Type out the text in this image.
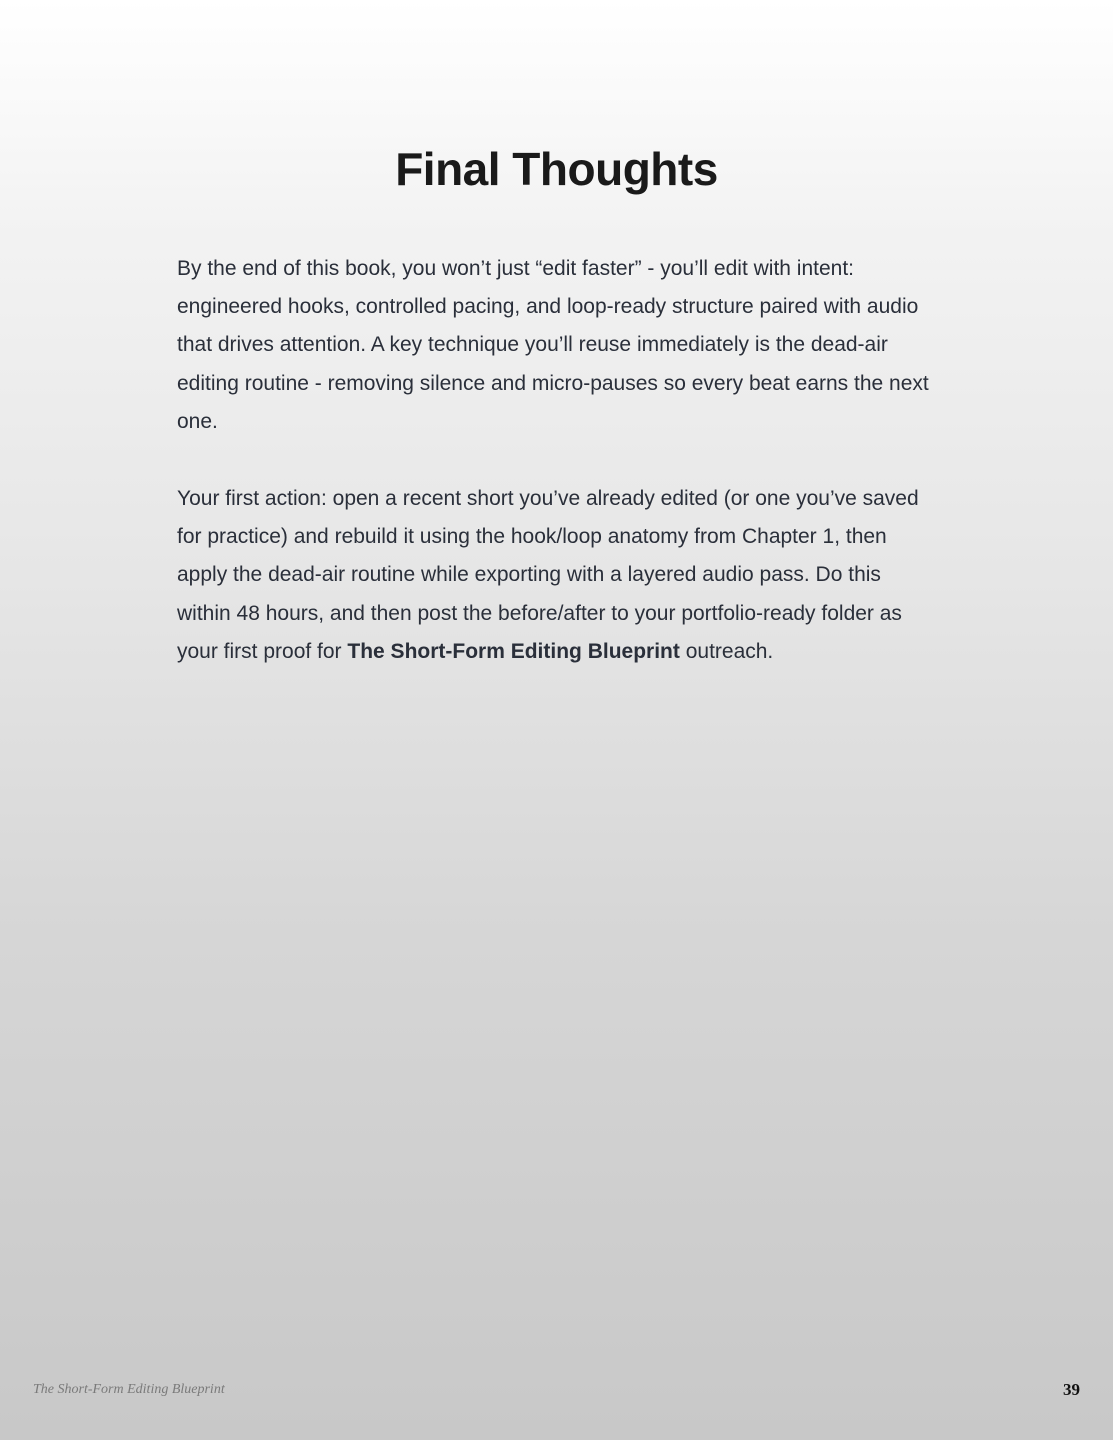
Final Thoughts

By the end of this book, you won’t just “edit faster” - you’ll edit with intent: engineered hooks, controlled pacing, and loop-ready structure paired with audio that drives attention. A key technique you’ll reuse immediately is the dead-air editing routine - removing silence and micro-pauses so every beat earns the next one.

Your first action: open a recent short you’ve already edited (or one you’ve saved for practice) and rebuild it using the hook/loop anatomy from Chapter 1, then apply the dead-air routine while exporting with a layered audio pass. Do this within 48 hours, and then post the before/after to your portfolio-ready folder as your first proof for The Short-Form Editing Blueprint outreach.

The Short-Form Editing Blueprint	39
